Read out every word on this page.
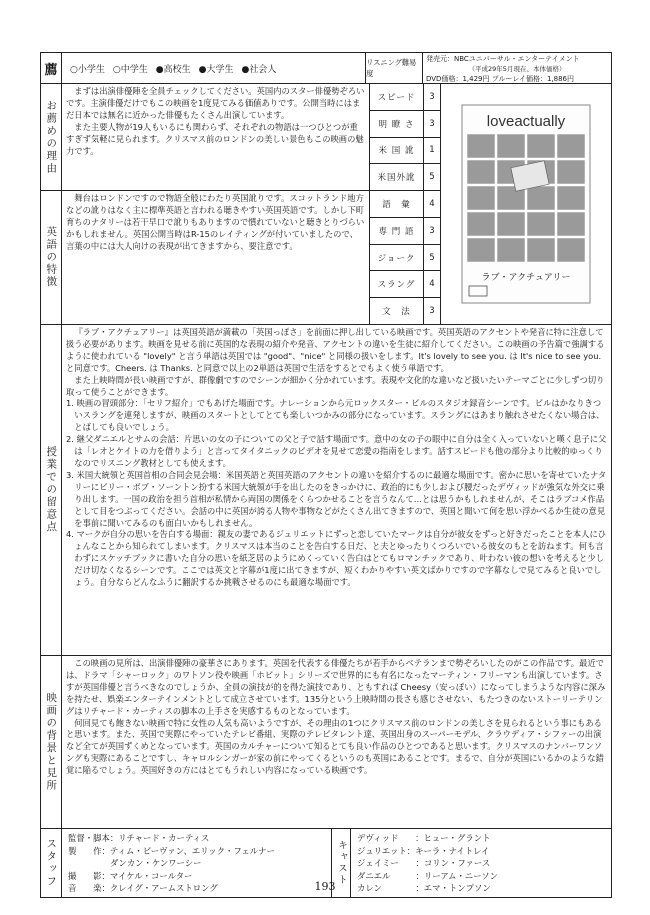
薦	○小学生 ○中学生 ●高校生 ●大学生 ●社会人
リスニング難易度
発売元：NBCユニバーサル・エンターテイメント
（平成29年5月現在、本体価格）
DVD価格：1,429円 ブルーレイ価格：1,886円
お薦めの理由

まずは出演俳優陣を全員チェックしてください。英国内のスター俳優勢ぞろいです。主演俳優だけでもこの映画を1度見てみる価値ありです。公開当時にはまだ日本では無名に近かった俳優もたくさん出演しています。

また主要人物が19人もいるにも関わらず、それぞれの物語は一つひとつが重すぎず気軽に見られます。クリスマス前のロンドンの美しい景色もこの映画の魅力です。

英語の特徴

舞台はロンドンですので物語全般にわたり英国訛りです。スコットランド地方などの訛りはなく主に標準英語と言われる聴きやすい英国英語です。しかし下町育ちのナタリーは若干早口で訛りもありますので慣れていないと聴きとりづらいかもしれません。英国公開当時はR-15のレイティングが付いていましたので、言葉の中には大人向けの表現が出てきますから、要注意です。

スピード	3
明 瞭 さ	3
米 国 訛	1
米国外訛	5
語　彙	4
専 門 語	3
ジョーク	5
スラング	4
文　法	3
loveactually
ラブ・アクチュアリー
授業での留意点

『ラブ・アクチュアリー』は英国英語が満載の「英国っぽさ」を前面に押し出している映画です。英国英語のアクセントや発音に特に注意して扱う必要があります。映画を見せる前に英国的な表現の紹介や発音、アクセントの違いを生徒に紹介してください。この映画の予告篇で強調するように使われている "lovely" と言う単語は英国では "good"、"nice" と同様の扱いをします。It's lovely to see you. は It's nice to see you. と同意です。Cheers. は Thanks. と同意で以上の2単語は英国で生活をするとでもよく使う単語です。

また上映時間が長い映画ですが、群像劇ですのでシーンが細かく分かれています。表現や文化的な違いなど扱いたいテーマごとに少しずつ切り取って使うことができます。

1. 映画の冒頭部分：「セリフ紹介」でもあげた場面です。ナレーションから元ロックスター・ビルのスタジオ録音シーンです。ビルはかなりきついスラングを連発しますが、映画のスタートとしてとても楽しいつかみの部分になっています。スラングにはあまり触れさせたくない場合は、とばしても良いでしょう。

2. 継父ダニエルとサムの会話：片思いの女の子についての父と子で話す場面です。意中の女の子の眼中に自分は全く入っていないと嘆く息子に父は「レオとケイトの力を借りよう」と言ってタイタニックのビデオを見せて恋愛の指南をします。話すスピードも他の部分より比較的ゆっくりなのでリスニング教材としても使えます。

3. 米国大統領と英国首相の合同会見会場：米国英語と英国英語のアクセントの違いを紹介するのに最適な場面です。密かに思いを寄せていたナタリーにビリー・ボブ・ソーントン扮する米国大統領が手を出したのをきっかけに、政治的にも少しおよび腰だったデヴィッドが強気な外交に乗り出します。一国の政治を担う首相が私情から両国の関係をくらつかせることを言うなんて…とは思うかもしれませんが、そこはラブコメ作品として目をつぶってください。会話の中に英国が誇る人物や事物などがたくさん出てきますので、英国と聞いて何を思い浮かべるか生徒の意見を事前に聞いてみるのも面白いかもしれません。

4. マークが自分の思いを告白する場面：親友の妻であるジュリエットにずっと恋していたマークは自分が彼女をずっと好きだったことを本人にひょんなことから知られてしまいます。クリスマスは本当のことを告白する日だ、と夫とゆったりくつろいでいる彼女のもとを訪ねます。何も言わずにスケッチブックに書いた自分の思いを紙芝居のようにめくっていく告白はとてもロマンチックであり、叶わない彼の想いを考えると少しだけ切なくなるシーンです。ここでは英文と字幕が1度に出てきますが、短くわかりやすい英文ばかりですので字幕なしで見てみると良いでしょう。自分ならどんなふうに翻訳するか挑戦させるのにも最適な場面です。

映画の背景と見所

この映画の見所は、出演俳優陣の豪華さにあります。英国を代表する俳優たちが若手からベテランまで勢ぞろいしたのがこの作品です。最近では、ドラマ「シャーロック」のワトソン役や映画「ホビット」シリーズで世界的にも有名になったマーティン・フリーマンも出演しています。さすが英国俳優と言うべきなのでしょうか、全員の演技が的を得た演技であり、ともすれば Cheesy（安っぽい）になってしまうような内容に深みを持たせ、娯楽エンターテインメントとして成立させています。135分という上映時間の長さも感じさせない、もたつきのないストーリーテリングはリチャード・カーティスの脚本の上手さを実感するものとなっています。

何回見ても飽きない映画で特に女性の人気も高いようですが、その理由の1つにクリスマス前のロンドンの美しさを見られるという事にもあると思います。また、英国で実際にやっていたテレビ番組、実際のテレビタレント達、英国出身のスーパーモデル、クラウディア・シファーの出演など全てが英国ずくめとなっています。英国のカルチャーについて知るとても良い作品のひとつであると思います。クリスマスのナンバーワンソングも実際にあることですし、キャロルシンガーが家の前にやってくるというのも英国にあることです。まるで、自分が英国にいるかのような錯覚に陥るでしょう。英国好きの方にはとてもうれしい内容になっている映画です。

スタッフ	監督・脚本：リチャード・カーティス
製　　作：ティム・ビーヴァン、エリック・フェルナー
　　　　　ダンカン・ケンワーシー
撮　　影：マイケル・コールター
音　　楽：クレイグ・アームストロング
キャスト
デヴィッド　　：ヒュー・グラント
ジュリエット：キーラ・ナイトレイ
ジェイミー　　：コリン・ファース
ダニエル　　　：リーアム・ニーソン
カレン　　　　：エマ・トンプソン
193
